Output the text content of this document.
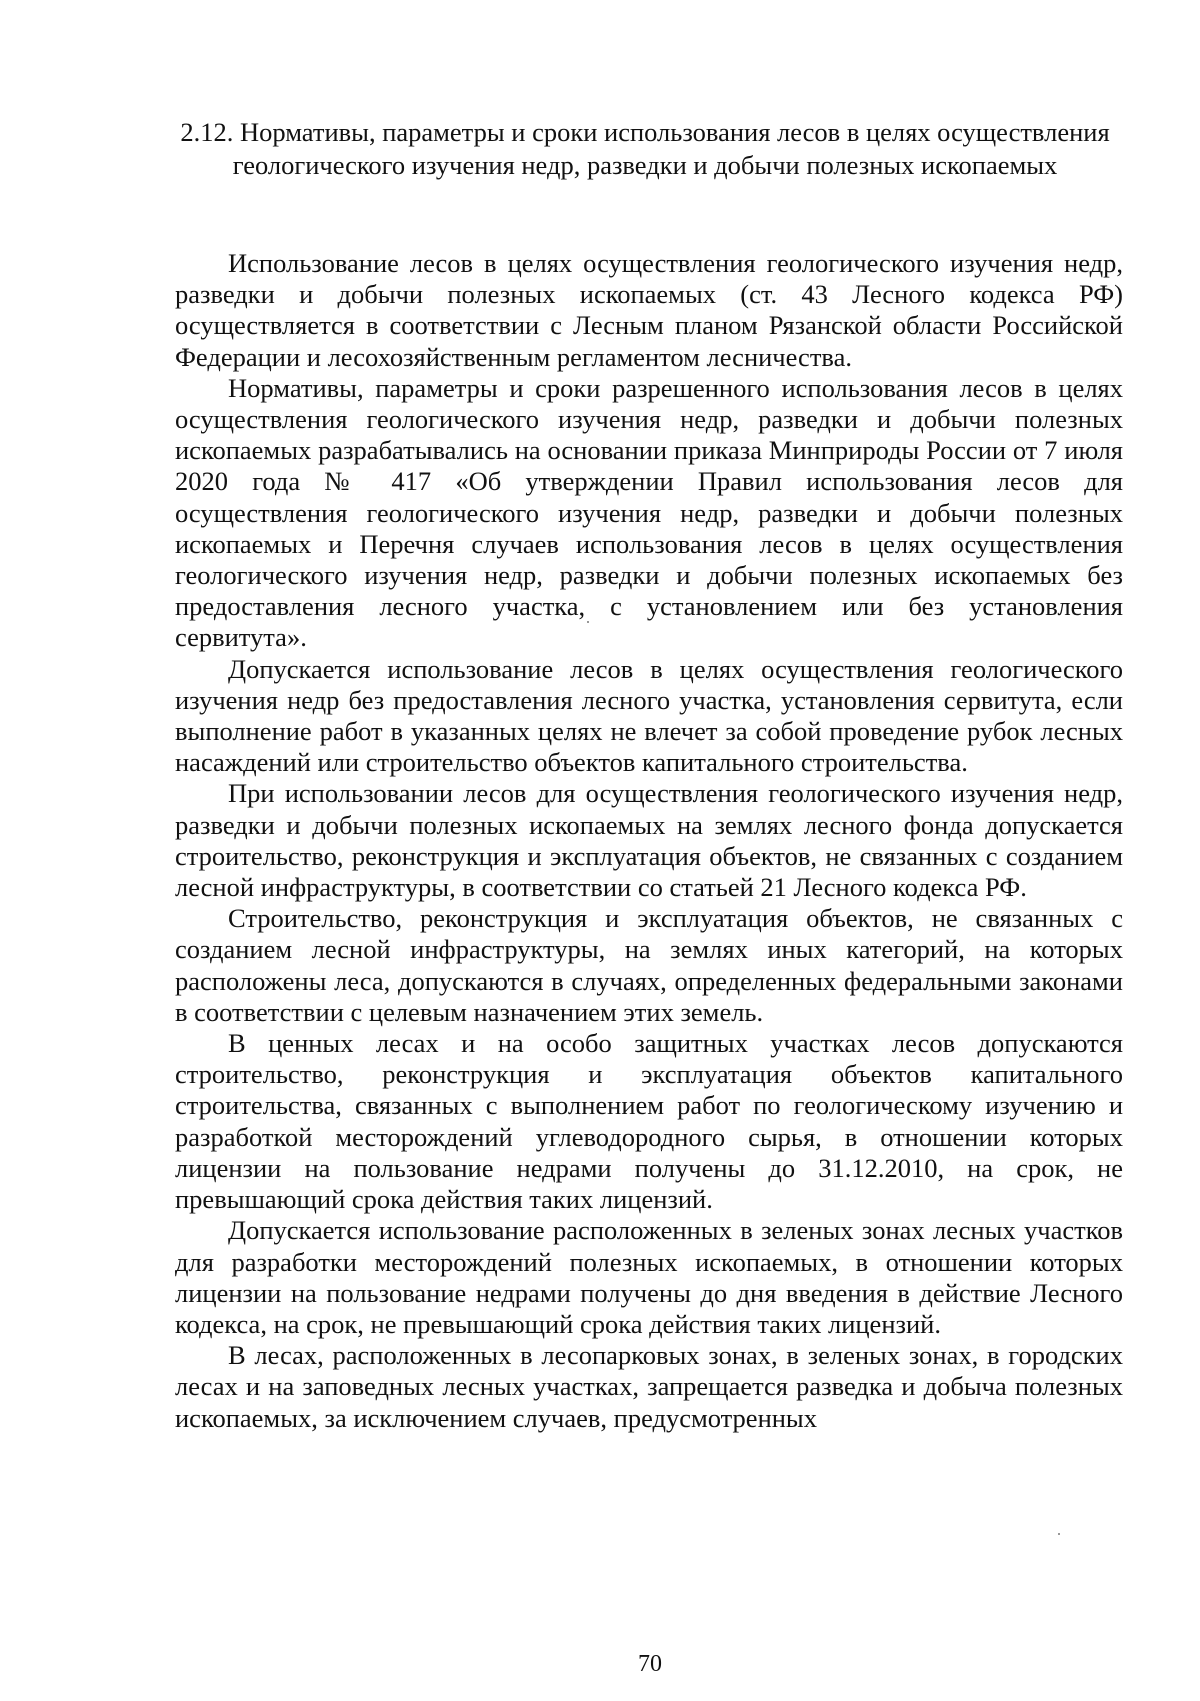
2.12. Нормативы, параметры и сроки использования лесов в целях осуществления геологического изучения недр, разведки и добычи полезных ископаемых

Использование лесов в целях осуществления геологического изучения недр, разведки и добычи полезных ископаемых (ст. 43 Лесного кодекса РФ) осуществляется в соответствии с Лесным планом Рязанской области Российской Федерации и лесохозяйственным регламентом лесничества.

Нормативы, параметры и сроки разрешенного использования лесов в целях осуществления геологического изучения недр, разведки и добычи полезных ископаемых разрабатывались на основании приказа Минприроды России от 7 июля 2020 года № 417 «Об утверждении Правил использования лесов для осуществления геологического изучения недр, разведки и добычи полезных ископаемых и Перечня случаев использования лесов в целях осуществления геологического изучения недр, разведки и добычи полезных ископаемых без предоставления лесного участка, с установлением или без установления сервитута».

Допускается использование лесов в целях осуществления геологического изучения недр без предоставления лесного участка, установления сервитута, если выполнение работ в указанных целях не влечет за собой проведение рубок лесных насаждений или строительство объектов капитального строительства.

При использовании лесов для осуществления геологического изучения недр, разведки и добычи полезных ископаемых на землях лесного фонда допускается строительство, реконструкция и эксплуатация объектов, не связанных с созданием лесной инфраструктуры, в соответствии со статьей 21 Лесного кодекса РФ.

Строительство, реконструкция и эксплуатация объектов, не связанных с созданием лесной инфраструктуры, на землях иных категорий, на которых расположены леса, допускаются в случаях, определенных федеральными законами в соответствии с целевым назначением этих земель.

В ценных лесах и на особо защитных участках лесов допускаются строительство, реконструкция и эксплуатация объектов капитального строительства, связанных с выполнением работ по геологическому изучению и разработкой месторождений углеводородного сырья, в отношении которых лицензии на пользование недрами получены до 31.12.2010, на срок, не превышающий срока действия таких лицензий.

Допускается использование расположенных в зеленых зонах лесных участков для разработки месторождений полезных ископаемых, в отношении которых лицензии на пользование недрами получены до дня введения в действие Лесного кодекса, на срок, не превышающий срока действия таких лицензий.

В лесах, расположенных в лесопарковых зонах, в зеленых зонах, в городских лесах и на заповедных лесных участках, запрещается разведка и добыча полезных ископаемых, за исключением случаев, предусмотренных

70
